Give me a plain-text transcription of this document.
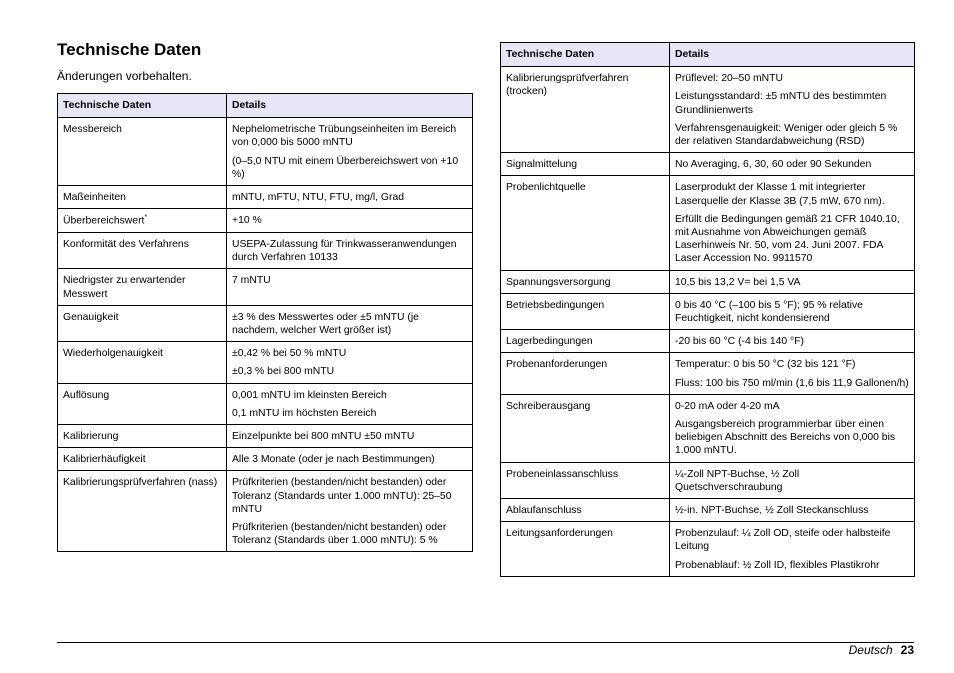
Technische Daten
Änderungen vorbehalten.
Technische Daten	Details
Messbereich	Nephelometrische Trübungseinheiten im Bereich von 0,000 bis 5000 mNTU

(0–5,0 NTU mit einem Überbereichswert von +10 %)

Maßeinheiten	mNTU, mFTU, NTU, FTU, mg/l, Grad

Überbereichswert*	+10 %

Konformität des Verfahrens	USEPA-Zulassung für Trinkwasseranwendungen durch Verfahren 10133

Niedrigster zu erwartender Messwert	7 mNTU

Genauigkeit	±3 % des Messwertes oder ±5 mNTU (je nachdem, welcher Wert größer ist)

Wiederholgenauigkeit	±0,42 % bei 50 % mNTU

±0,3 % bei 800 mNTU

Auflösung	0,001 mNTU im kleinsten Bereich

0,1 mNTU im höchsten Bereich

Kalibrierung	Einzelpunkte bei 800 mNTU ±50 mNTU

Kalibrierhäufigkeit	Alle 3 Monate (oder je nach Bestimmungen)

Kalibrierungsprüfverfahren (nass)	Prüfkriterien (bestanden/nicht bestanden) oder Toleranz (Standards unter 1.000 mNTU): 25–50 mNTU

Prüfkriterien (bestanden/nicht bestanden) oder Toleranz (Standards über 1.000 mNTU): 5 %

Technische Daten	Details
Kalibrierungsprüfverfahren (trocken)	Prüflevel: 20–50 mNTU

Leistungsstandard: ±5 mNTU des bestimmten Grundlinienwerts

Verfahrensgenauigkeit: Weniger oder gleich 5 % der relativen Standardabweichung (RSD)

Signalmittelung	No Averaging, 6, 30, 60 oder 90 Sekunden

Probenlichtquelle	Laserprodukt der Klasse 1 mit integrierter Laserquelle der Klasse 3B (7,5 mW, 670 nm).

Erfüllt die Bedingungen gemäß 21 CFR 1040.10, mit Ausnahme von Abweichungen gemäß Laserhinweis Nr. 50, vom 24. Juni 2007. FDA Laser Accession No. 9911570

Spannungsversorgung	10,5 bis 13,2 V= bei 1,5 VA

Betriebsbedingungen	0 bis 40 °C (–100 bis 5 °F); 95 % relative Feuchtigkeit, nicht kondensierend

Lagerbedingungen	-20 bis 60 °C (-4 bis 140 °F)

Probenanforderungen	Temperatur: 0 bis 50 °C (32 bis 121 °F)

Fluss: 100 bis 750 ml/min (1,6 bis 11,9 Gallonen/h)

Schreiberausgang	0-20 mA oder 4-20 mA

Ausgangsbereich programmierbar über einen beliebigen Abschnitt des Bereichs von 0,000 bis 1.000 mNTU.

Probeneinlassanschluss	¼-Zoll NPT-Buchse, ½ Zoll Quetschverschraubung

Ablaufanschluss	½-in. NPT-Buchse, ½ Zoll Steckanschluss

Leitungsanforderungen	Probenzulauf: ¼ Zoll OD, steife oder halbsteife Leitung

Probenablauf: ½ Zoll ID, flexibles Plastikrohr

Deutsch 23
